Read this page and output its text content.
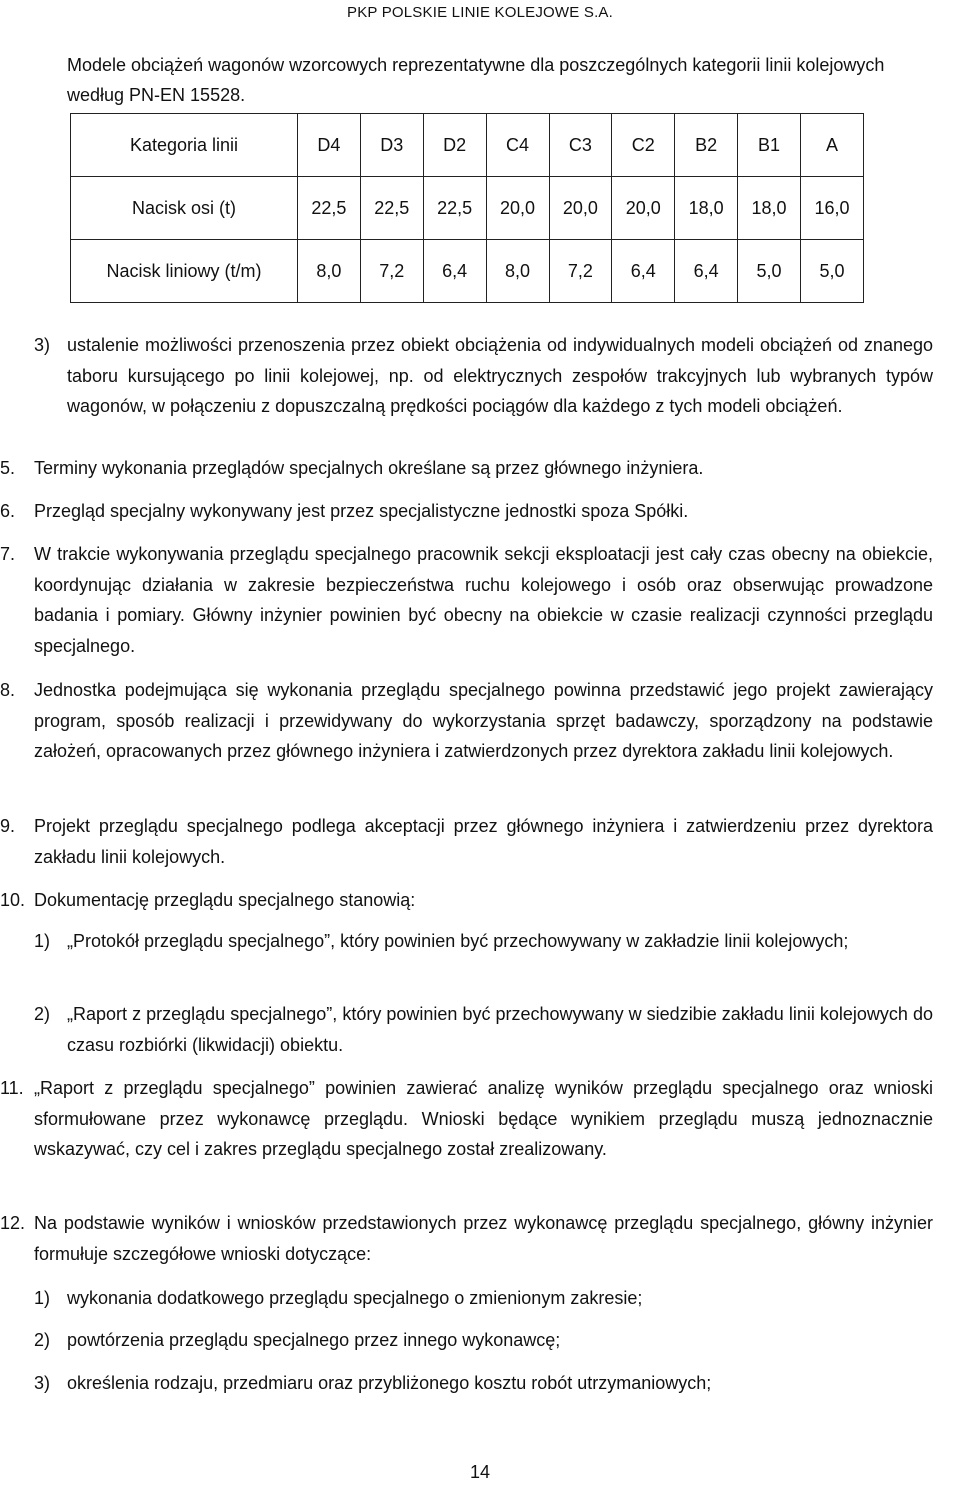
PKP POLSKIE LINIE KOLEJOWE S.A.

Modele obciążeń wagonów wzorcowych reprezentatywne dla poszczególnych kategorii linii kolejowych według PN-EN 15528.

Kategoria linii	D4	D3	D2	C4	C3	C2	B2	B1	A
Nacisk osi (t)	22,5	22,5	22,5	20,0	20,0	20,0	18,0	18,0	16,0
Nacisk liniowy (t/m)	8,0	7,2	6,4	8,0	7,2	6,4	6,4	5,0	5,0
3) ustalenie możliwości przenoszenia przez obiekt obciążenia od indywidualnych modeli obciążeń od znanego taboru kursującego po linii kolejowej, np. od elektrycznych zespołów trakcyjnych lub wybranych typów wagonów, w połączeniu z dopuszczalną prędkości pociągów dla każdego z tych modeli obciążeń.
5. Terminy wykonania przeglądów specjalnych określane są przez głównego inżyniera.
6. Przegląd specjalny wykonywany jest przez specjalistyczne jednostki spoza Spółki.
7. W trakcie wykonywania przeglądu specjalnego pracownik sekcji eksploatacji jest cały czas obecny na obiekcie, koordynując działania w zakresie bezpieczeństwa ruchu kolejowego i osób oraz obserwując prowadzone badania i pomiary. Główny inżynier powinien być obecny na obiekcie w czasie realizacji czynności przeglądu specjalnego.
8. Jednostka podejmująca się wykonania przeglądu specjalnego powinna przedstawić jego projekt zawierający program, sposób realizacji i przewidywany do wykorzystania sprzęt badawczy, sporządzony na podstawie założeń, opracowanych przez głównego inżyniera i zatwierdzonych przez dyrektora zakładu linii kolejowych.
9. Projekt przeglądu specjalnego podlega akceptacji przez głównego inżyniera i zatwierdzeniu przez dyrektora zakładu linii kolejowych.
10. Dokumentację przeglądu specjalnego stanowią:
1) „Protokół przeglądu specjalnego”, który powinien być przechowywany w zakładzie linii kolejowych;
2) „Raport z przeglądu specjalnego”, który powinien być przechowywany w siedzibie zakładu linii kolejowych do czasu rozbiórki (likwidacji) obiektu.
11. „Raport z przeglądu specjalnego” powinien zawierać analizę wyników przeglądu specjalnego oraz wnioski sformułowane przez wykonawcę przeglądu. Wnioski będące wynikiem przeglądu muszą jednoznacznie wskazywać, czy cel i zakres przeglądu specjalnego został zrealizowany.
12. Na podstawie wyników i wniosków przedstawionych przez wykonawcę przeglądu specjalnego, główny inżynier formułuje szczegółowe wnioski dotyczące:
1) wykonania dodatkowego przeglądu specjalnego o zmienionym zakresie;
2) powtórzenia przeglądu specjalnego przez innego wykonawcę;
3) określenia rodzaju, przedmiaru oraz przybliżonego kosztu robót utrzymaniowych;
14
